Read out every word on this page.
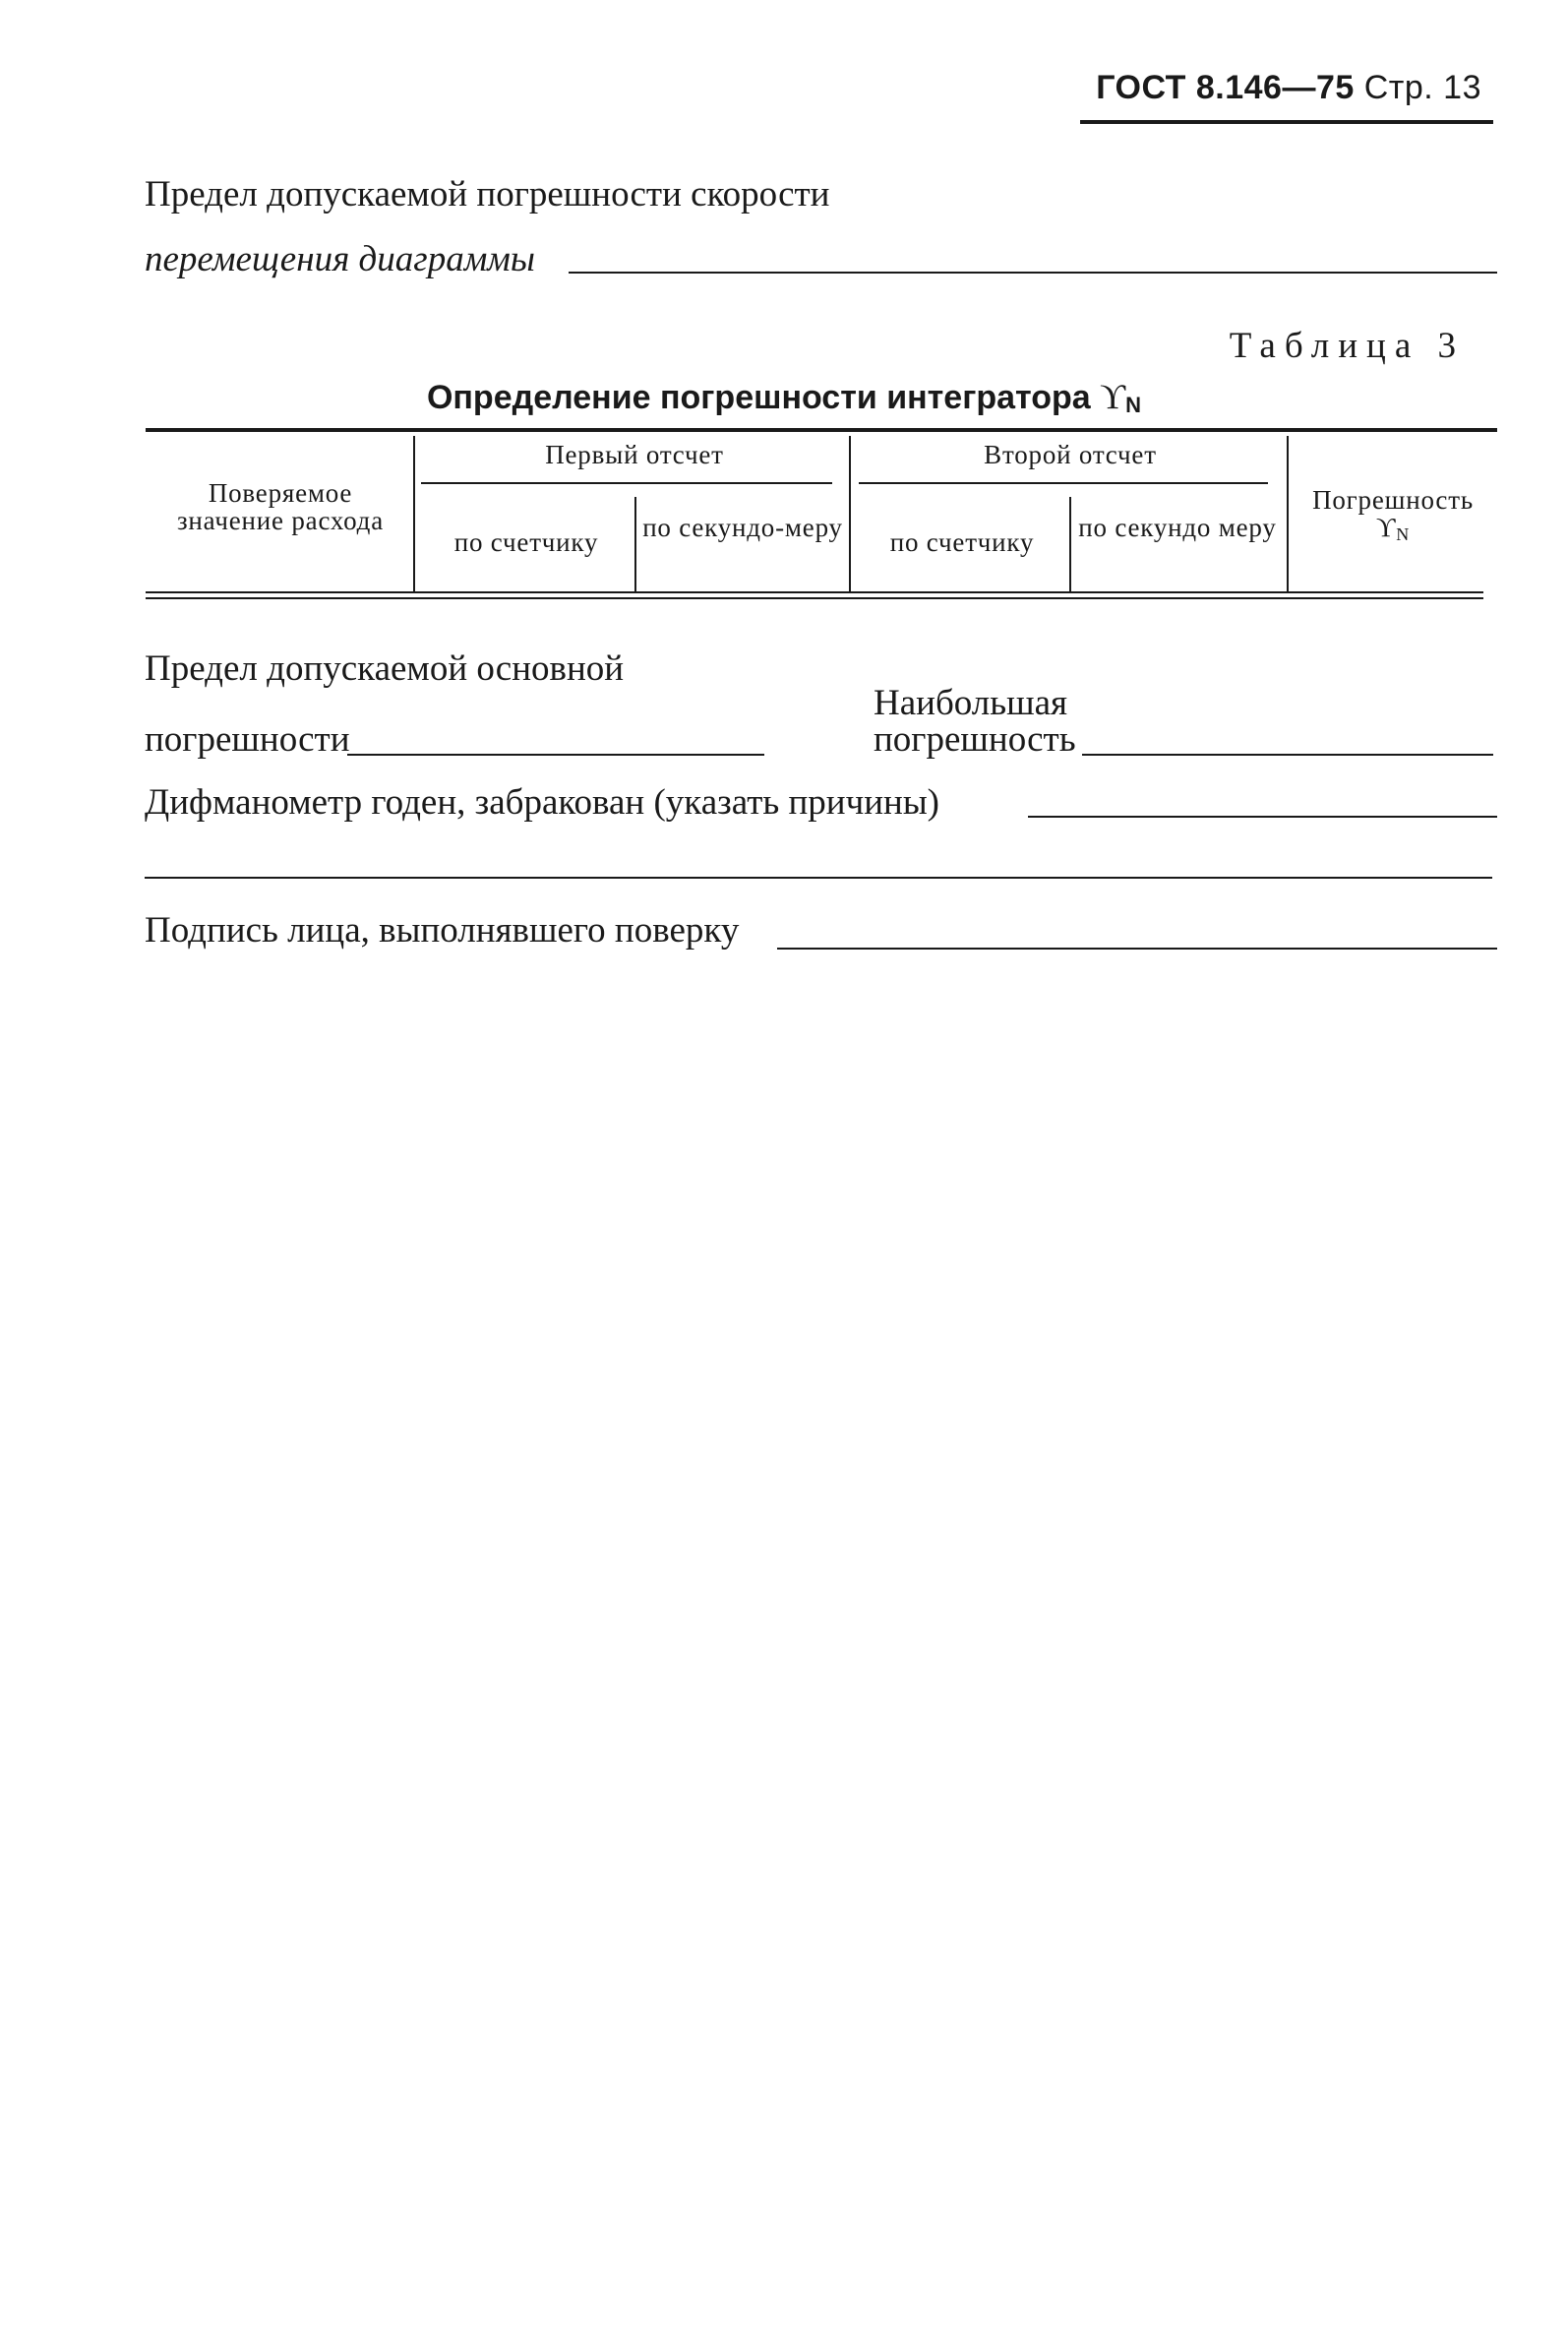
ГОСТ 8.146—75 Стр. 13
Предел допускаемой погрешности скорости
перемещения диаграммы
Таблица 3
Определение погрешности интегратора ϒN
Поверяемое значение расхода
Первый отсчет	Второй отсчет
по счетчику	по секундо-меру	по счетчику	по секундо меру
Погрешность
ϒN
Предел допускаемой основной
погрешности
Наибольшая
погрешность
Дифманометр годен, забракован (указать причины)
Подпись лица, выполнявшего поверку
